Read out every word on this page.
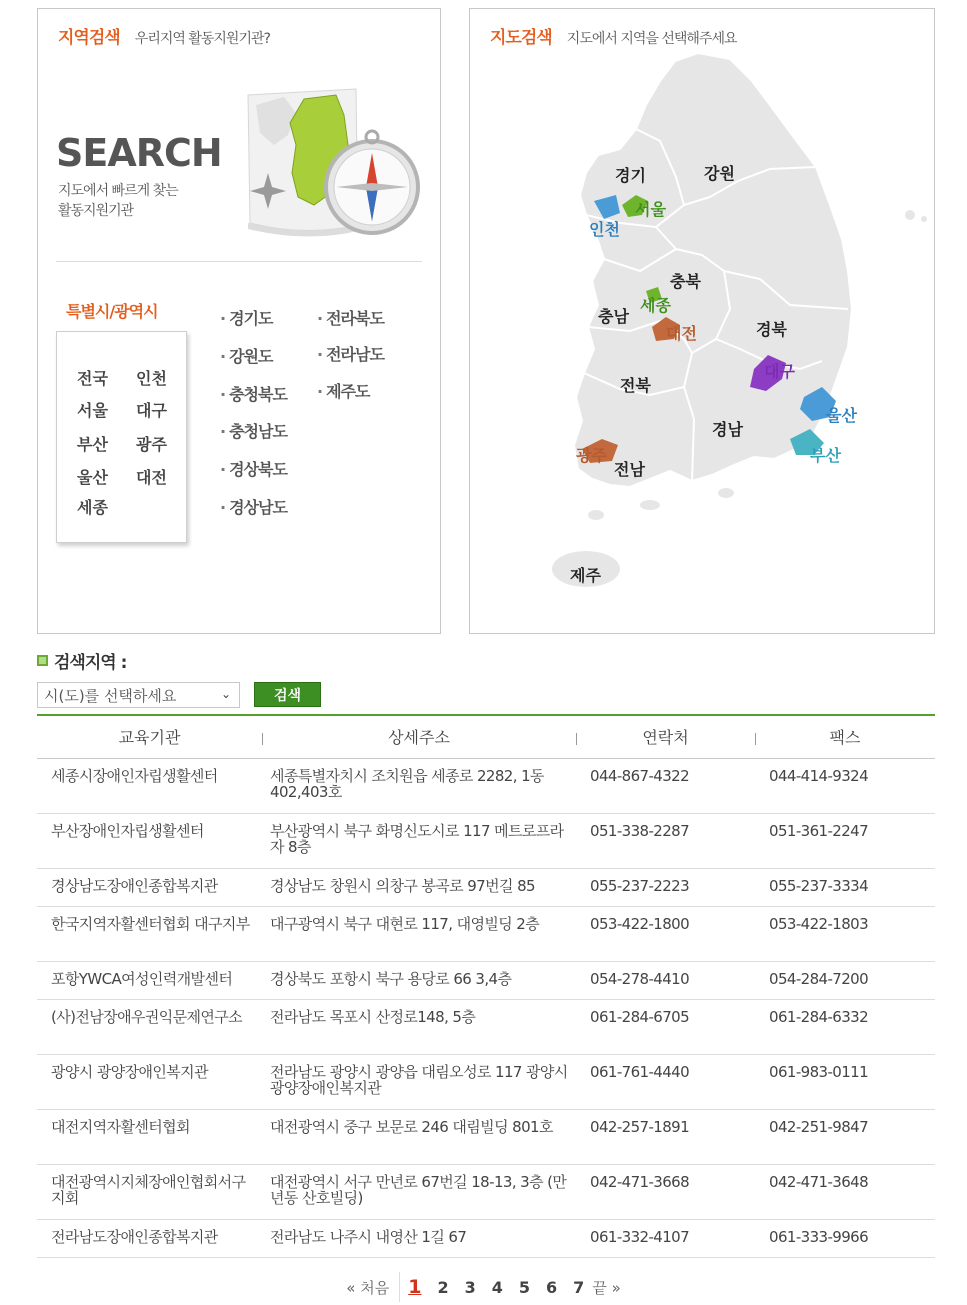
지역검색 우리지역 활동지원기관?
SEARCH
지도에서 빠르게 찾는
활동지원기관
특별시/광역시
전국 인천
서울 대구
부산 광주
울산 대전
세종
· 경기도
· 강원도
· 충청북도
· 충청남도
· 경상북도
· 경상남도
· 전라북도
· 전라남도
· 제주도
지도검색 지도에서 지역을 선택해주세요
경기	강원
서울
인천
충북
충남
세종
대전	경북
전북
대구
울산
경남
광주
전남
부산
제주
검색지역 :
시(도)를 선택하세요	⌄	검색
교육기관	상세주소	연락처	팩스
세종시장애인자립생활센터	세종특별자치시 조치원읍 세종로 2282, 1동 402,403호	044-867-4322	044-414-9324
부산장애인자립생활센터	부산광역시 북구 화명신도시로 117 메트로프라자 8층	051-338-2287	051-361-2247
경상남도장애인종합복지관	경상남도 창원시 의창구 봉곡로 97번길 85	055-237-2223	055-237-3334
한국지역자활센터협회 대구지부	대구광역시 북구 대현로 117, 대영빌딩 2층	053-422-1800	053-422-1803
포항YWCA여성인력개발센터	경상북도 포항시 북구 용당로 66 3,4층	054-278-4410	054-284-7200
(사)전남장애우권익문제연구소	전라남도 목포시 산정로148, 5층	061-284-6705	061-284-6332
광양시 광양장애인복지관	전라남도 광양시 광양읍 대림오성로 117 광양시 광양장애인복지관	061-761-4440	061-983-0111
대전지역자활센터협회	대전광역시 중구 보문로 246 대림빌딩 801호	042-257-1891	042-251-9847
대전광역시지체장애인협회서구지회	대전광역시 서구 만년로 67번길 18-13, 3층 (만년동 산호빌딩)	042-471-3668	042-471-3648
전라남도장애인종합복지관	전라남도 나주시 내영산 1길 67	061-332-4107	061-333-9966
« 처음 1 2 3 4 5 6 7 끝 »
